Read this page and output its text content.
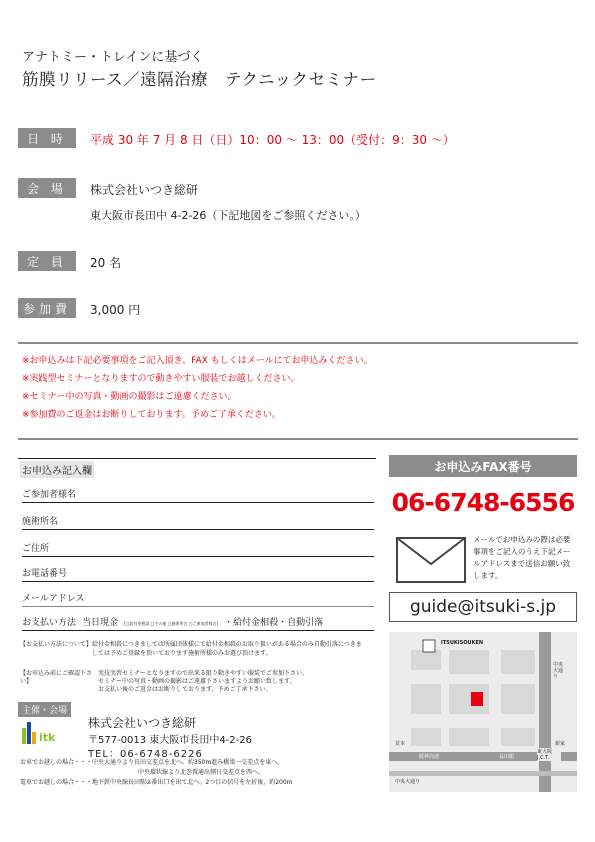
アナトミー・トレインに基づく
筋膜リリース／遠隔治療　テクニックセミナー
日 時	平成 30 年 7 月 8 日（日）10：00 ～ 13：00（受付：9：30 ～）
会 場	株式会社いつき総研
東大阪市長田中 4-2-26（下記地図をご参照ください。）
定 員	20 名
参加費	3,000 円
※お申込みは下記必要事項をご記入頂き、FAX もしくはメールにてお申込みください。
※実践型セミナーとなりますので動きやすい服装でお越しください。
※セミナー中の写真・動画の撮影はご遠慮ください。
※参加費のご返金はお断りしております。予めご了承ください。
お申込み記入欄
ご参加者様名
施術所名
ご住所
お電話番号
メールアドレス
お支払い方法 当日現金 [□給付金相談 □その他 □施術所名 □ご参加者様名] ・給付金相殺・自動引落
【お支払い方法について】給付金相殺につきましては所属団体様にて給付金相殺のお取り扱いがある場合のみ自動引落につきましては予めご登録を頂いております施術所様のみお選び頂けます。
【お申込み前にご確認下さい】
実技実習セミナーとなりますので出来る限り動きやすい服装でご参加下さい。
セミナー中の写真・動画の撮影はご遠慮下さいますようお願い致します。
お支払い後のご返金はお断りしております。予めご了承下さい。
主催・会場
itk
株式会社いつき総研
〒577-0013 東大阪市長田中4-2-26
TEL：06-6748-6226
お車でお越しの場合・・・中央大通りより長田交差点を北へ。約350m進み橋梁一交差点を東へ。
中央環状線より北巻置通出側日交差点を西へ。
電車でお越しの場合・・・地下鉄中央線長田駅②番出口を出て北へ。2つ目の信号を左折後、約200m
お申込みFAX番号
06-6748-6556
メールでお申込みの際は必要事項をご記入のうえ下記メールアドレスまで送信お願い致します。
guide@itsuki-s.jp
ITSUKISOUKEN
中央大通り
阪神高速	長田駅
東大阪 J.C.T.
中央大通り
荒本	新家
